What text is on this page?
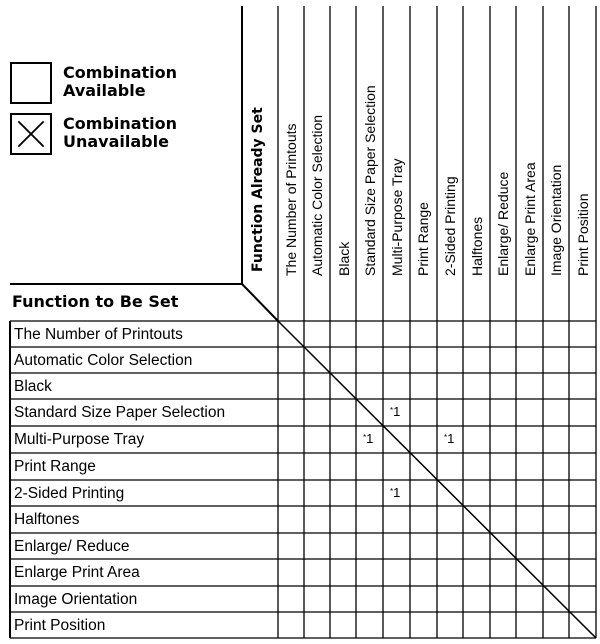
Combination
Available
Combination
Unavailable	Function Already Set
Function to Be Set
The Number of Printouts Automatic Color Selection Black Standard Size Paper Selection Multi-Purpose Tray Print Range 2-Sided Printing Halftones Enlarge/ Reduce Enlarge Print Area Image Orientation Print Position
The Number of Printouts
Automatic Color Selection
Black
Standard Size Paper Selection
Multi-Purpose Tray
Print Range
2-Sided Printing
Halftones
Enlarge/ Reduce
Enlarge Print Area
Image Orientation
Print Position
*1
*1	*1
*1
